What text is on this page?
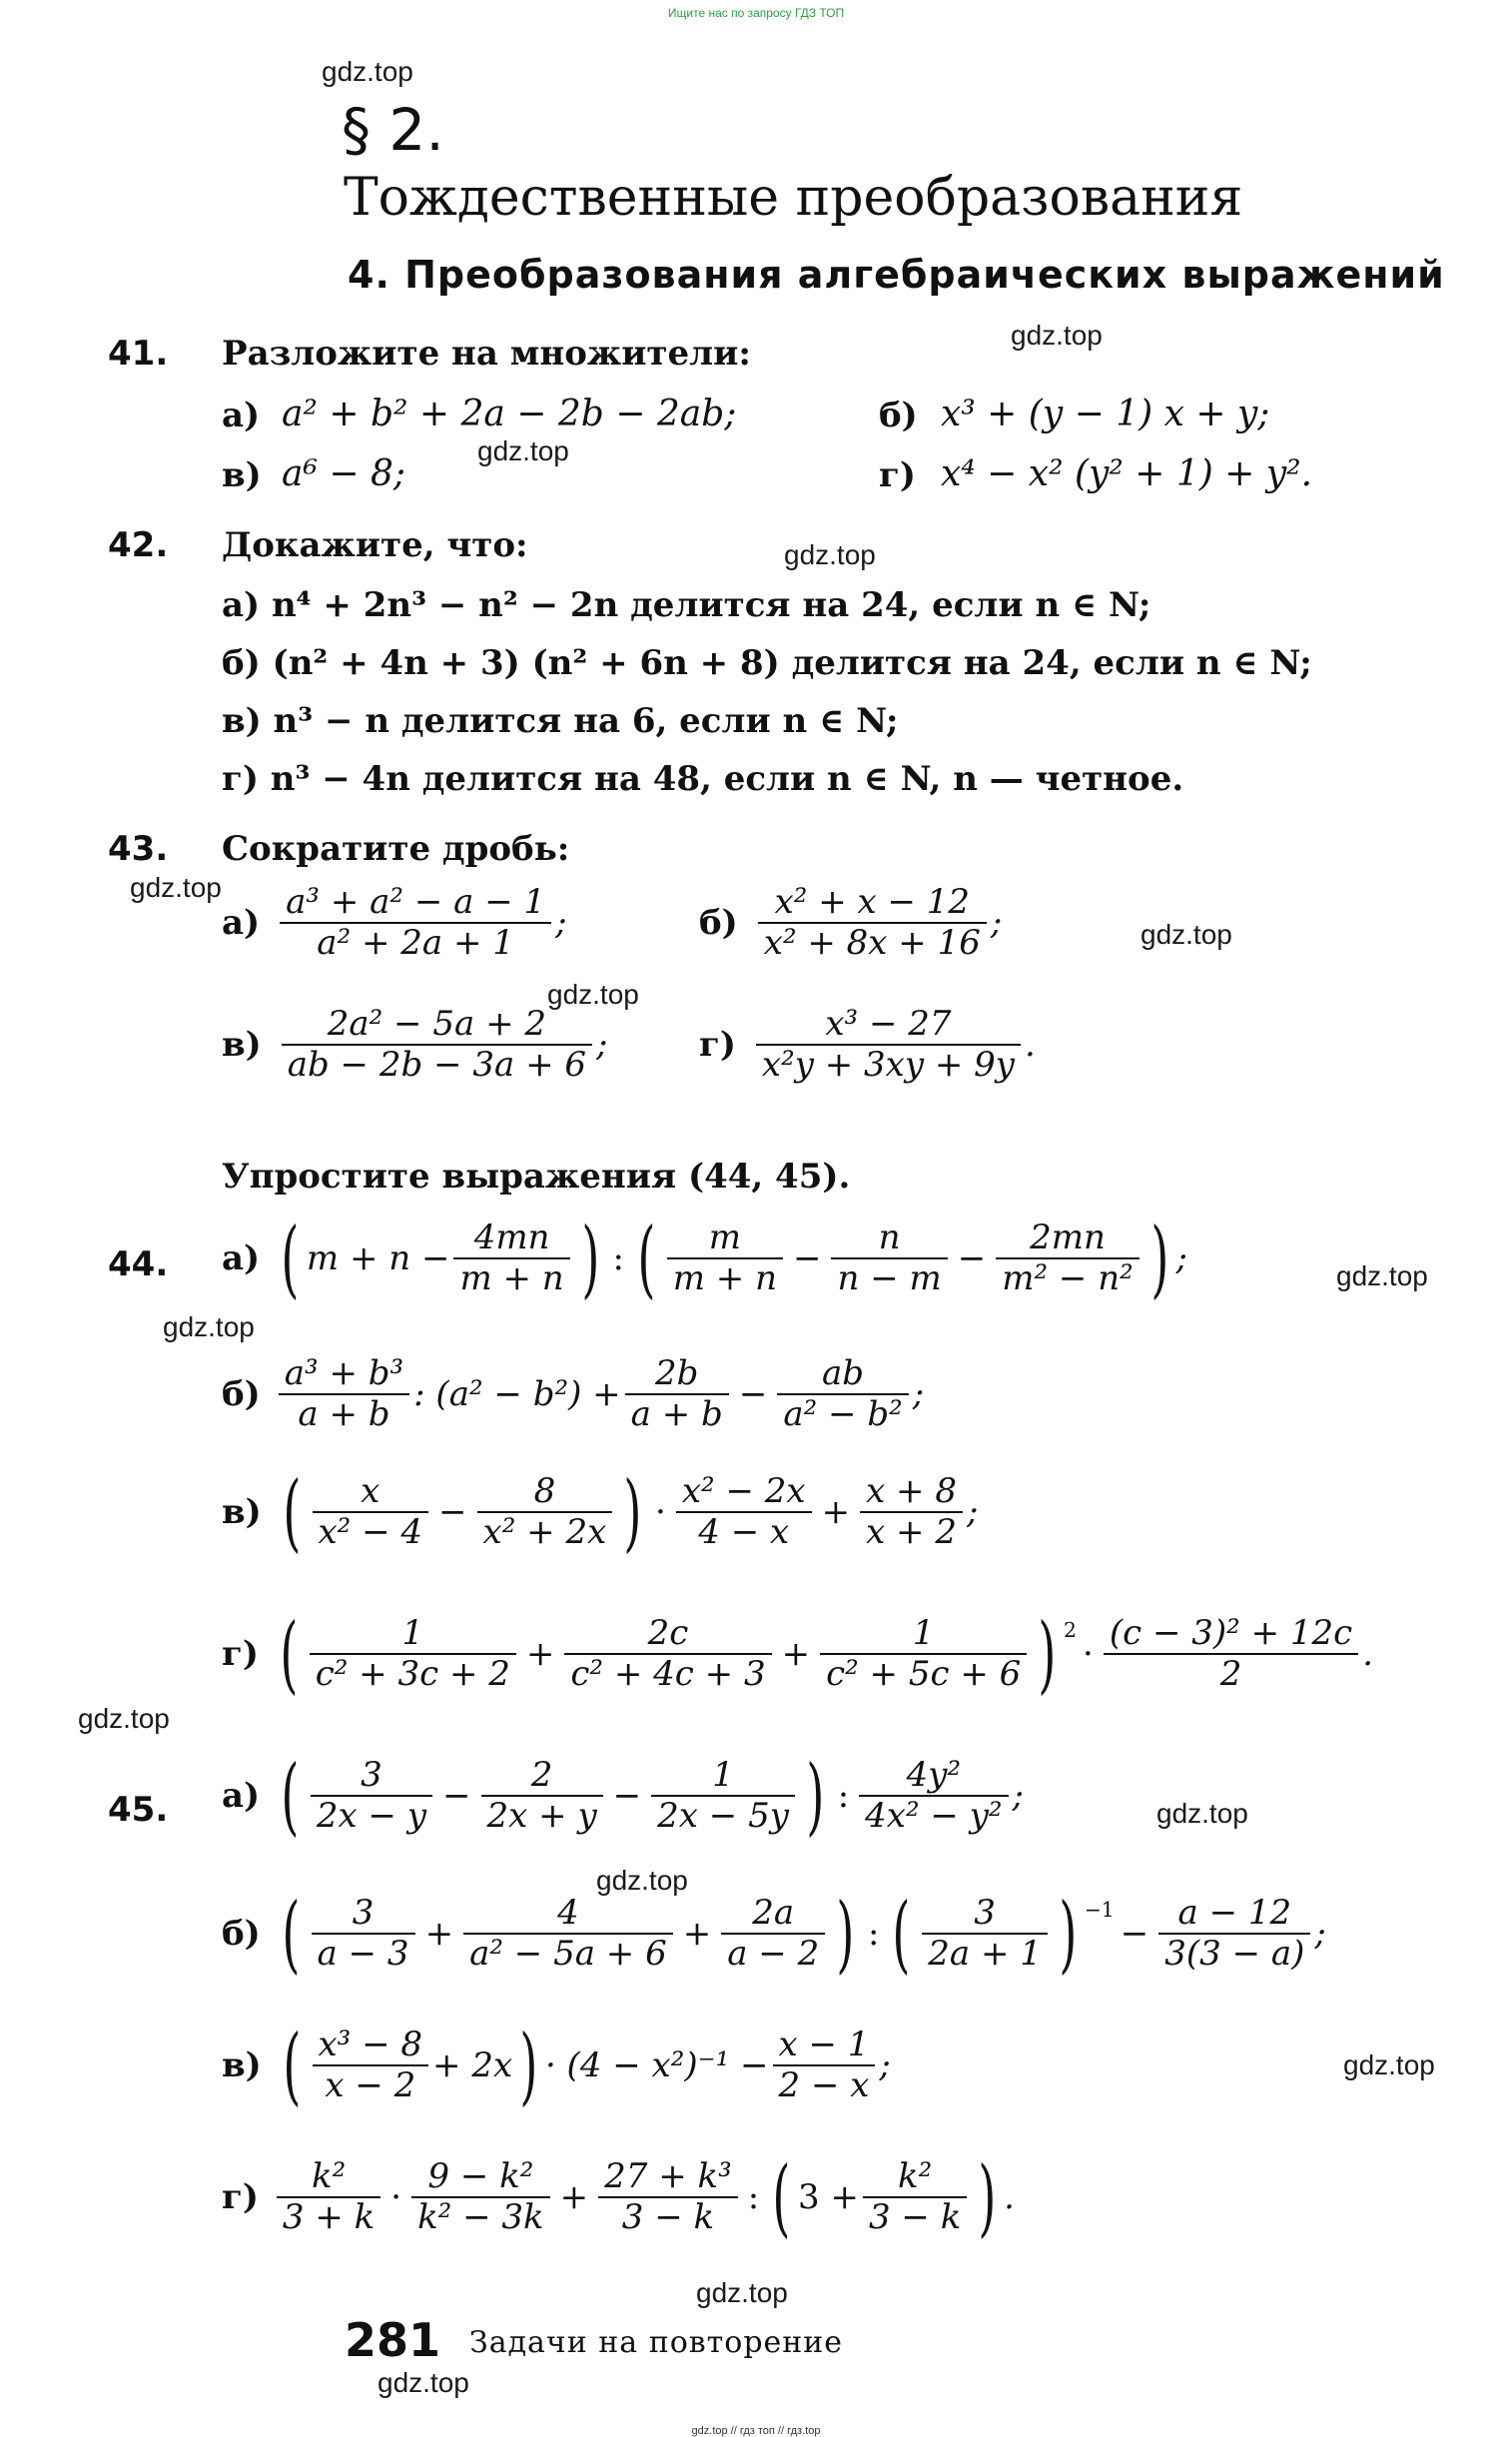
Ищите нас по запросу ГДЗ ТОП
gdz.top
gdz.top
gdz.top
gdz.top
gdz.top
gdz.top
gdz.top
gdz.top
gdz.top
gdz.top
gdz.top
gdz.top
gdz.top
gdz.top
gdz.top
§ 2.
Тождественные преобразования
4. Преобразования алгебраических выражений
41. Разложите на множители:
а) a² + b² + 2a − 2b − 2ab;	б) x³ + (y − 1) x + y;
в) a⁶ − 8;	г) x⁴ − x² (y² + 1) + y².
42. Докажите, что:
а) n⁴ + 2n³ − n² − 2n делится на 24, если n ∈ N;
б) (n² + 4n + 3) (n² + 6n + 8) делится на 24, если n ∈ N;
в) n³ − n делится на 6, если n ∈ N;
г) n³ − 4n делится на 48, если n ∈ N, n — четное.
43. Сократите дробь:
$а) \frac{\text{a³ + a² − a − 1}}{\text{a² + 2a + 1}}$ ;	$б) \frac{\text{x² + x − 12}}{\text{x² + 8x + 16}}$ ;
$в) \frac{\text{2a² − 5a + 2}}{ab - 2b - 3a + 6}$ ;	$г) \frac{\text{x³ − 27}}{\text{x²y + 3xy + 9y}}$ .
Упростите выражения (44, 45).
44. а) ( $m + n - \frac{4mn}{m + n}$ ) : ( $\frac{m}{m + n} - \frac{n}{n - m} - \frac{2mn}{\text{m² − n²}}$ ) ;
$б) \frac{\text{a³ + b³}}{a + b}$ : $(a^2 - b^2) + \frac{2b}{a + b} - \frac{ab}{\text{a² − b²}}$ ;
в) ( $\frac{x}{\text{x² − 4}} - \frac{8}{\text{x² + 2x}}$ ) · $\frac{\text{x² − 2x}}{4 - x} + \frac{x + 8}{x + 2}$ ;
г) ( $\frac{1}{\text{c² + 3c + 2}} + \frac{2c}{\text{c² + 4c + 3}} + \frac{1}{\text{c² + 5c + 6}}$ ) $^2$
· $\frac{\text{(c − 3)² + 12c}}{2}$ .
45. а) ( $\frac{3}{2x - y} - \frac{2}{2x + y} - \frac{1}{2x - 5y}$ ) : $\frac{\text{4y²}}{\text{4x² − y²}}$ ;
б) ( $\frac{3}{a - 3} + \frac{4}{\text{a² − 5a + 6}} + \frac{2a}{a - 2}$ ) : ( $\frac{3}{2a + 1}$ ) $^{-1}$
− $\frac{a - 12}{3(3 - a)}$ ;
в) ( $\frac{\text{x³ − 8}}{x - 2} + 2x$ ) · $(4 - x^2)^{-1} - \frac{x - 1}{2 - x}$ ;
$г) \frac{\text{k²}}{3 + k} \cdot \frac{\text{9 − k²}}{\text{k² − 3k}} + \frac{\text{27 + k³}}{3 - k}$ : ( $3 + \frac{\text{k²}}{3 - k}$ ) .
281 Задачи на повторение
gdz.top // гдз топ // гдз.top
